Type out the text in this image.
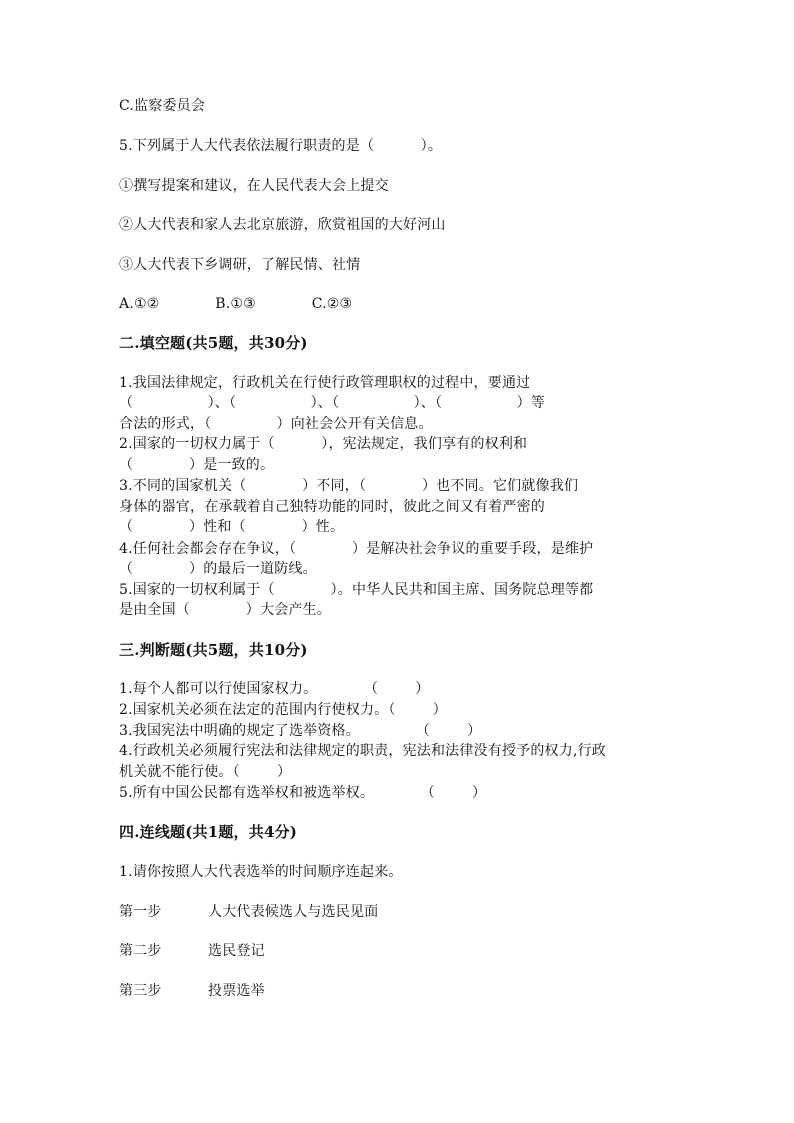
C.监察委员会
5.下列属于人大代表依法履行职责的是（          ）。
①撰写提案和建议，在人民代表大会上提交
②人大代表和家人去北京旅游，欣赏祖国的大好河山
③人大代表下乡调研，了解民情、社情
A.①②            B.①③            C.②③
二.填空题(共5题，共30分)
1.我国法律规定，行政机关在行使行政管理职权的过程中，要通过
（                ）、（                ）、（                ）、（                ）等
合法的形式，（              ）向社会公开有关信息。
2.国家的一切权力属于（          ），宪法规定，我们享有的权利和
（            ）是一致的。
3.不同的国家机关（            ）不同，（            ）也不同。它们就像我们
身体的器官，在承载着自己独特功能的同时，彼此之间又有着严密的
（            ）性和（            ）性。
4.任何社会都会存在争议，（            ）是解决社会争议的重要手段，是维护
（            ）的最后一道防线。
5.国家的一切权利属于（            ）。中华人民共和国主席、国务院总理等都
是由全国（            ）大会产生。
三.判断题(共5题，共10分)
1.每个人都可以行使国家权力。          （        ）
2.国家机关必须在法定的范围内行使权力。（        ）
3.我国宪法中明确的规定了选举资格。            （        ）
4.行政机关必须履行宪法和法律规定的职责，宪法和法律没有授予的权力,行政
机关就不能行使。（        ）
5.所有中国公民都有选举权和被选举权。          （        ）
四.连线题(共1题，共4分)
1.请你按照人大代表选举的时间顺序连起来。
第一步	人大代表候选人与选民见面
第二步	选民登记
第三步	投票选举
